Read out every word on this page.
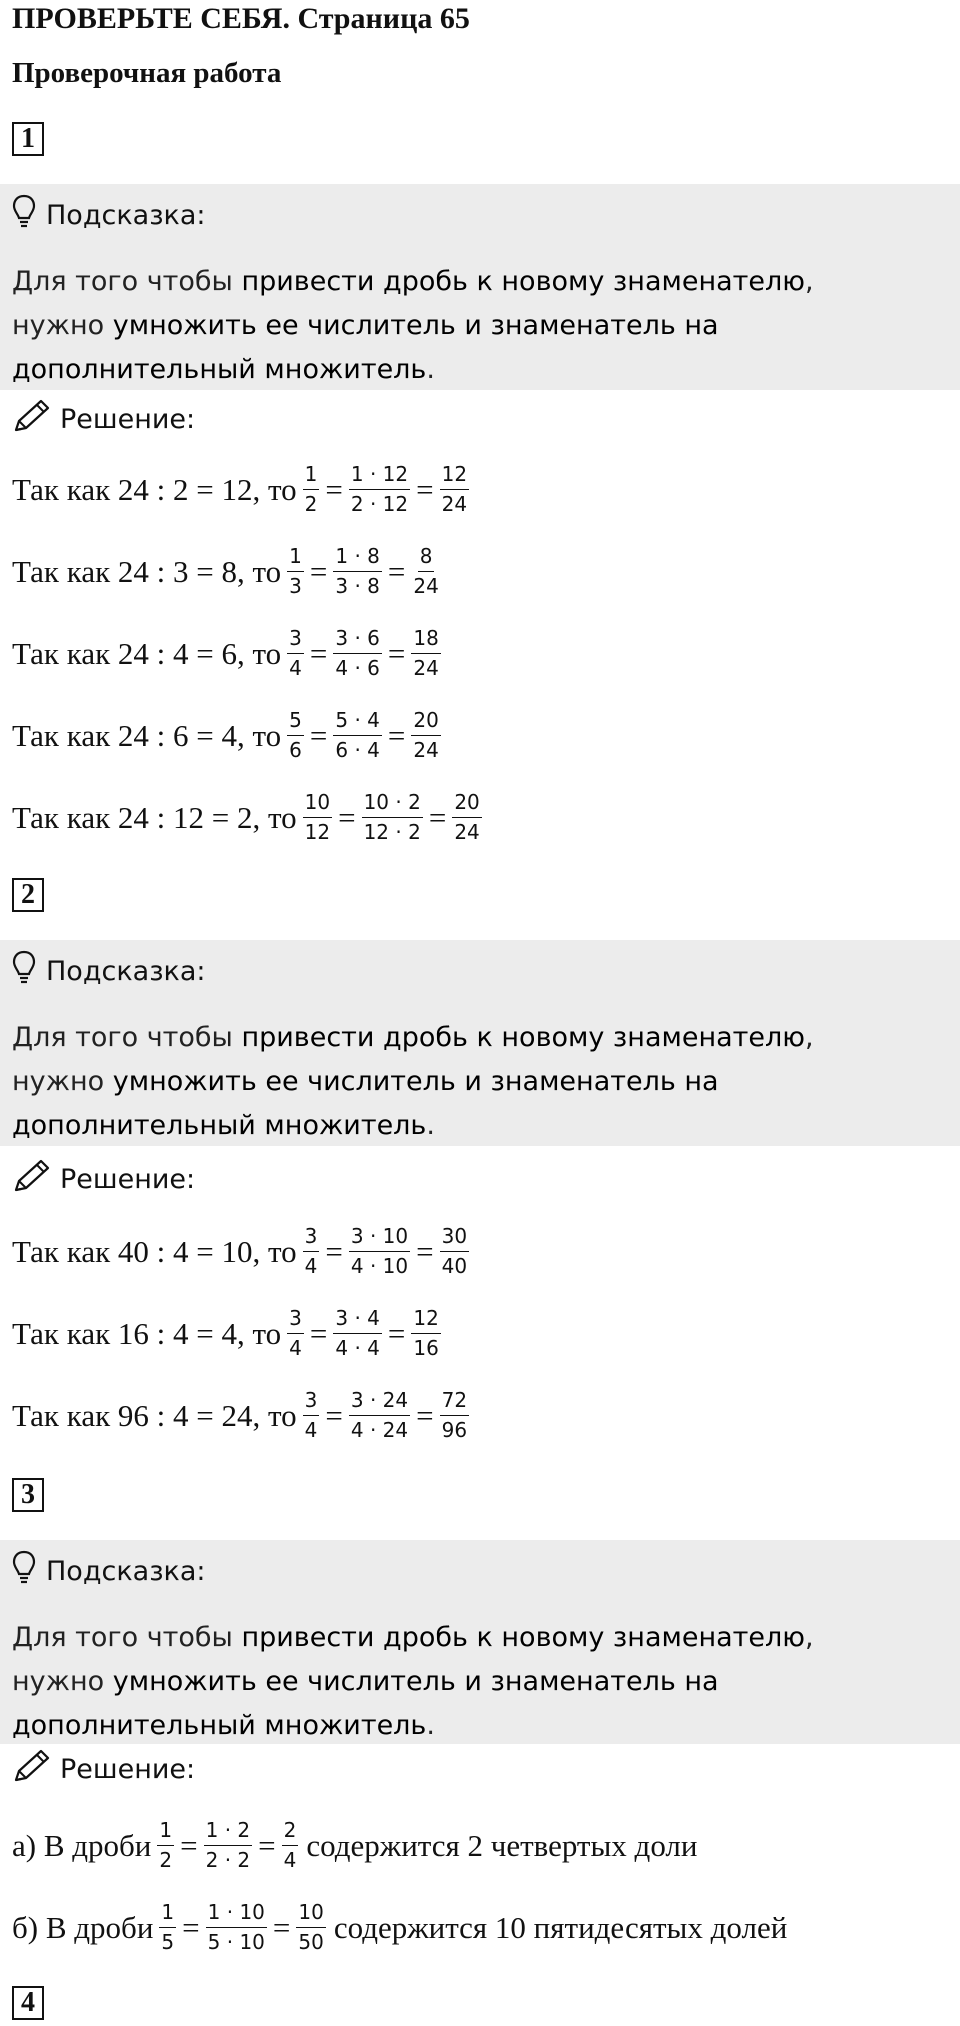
ПРОВЕРЬТЕ СЕБЯ. Страница 65
Проверочная работа
1
Подсказка:
Для того чтобы привести дробь к новому знаменателю,
нужно умножить ее числитель и знаменатель на
дополнительный множитель.
Решение:
Так как 24 : 2 = 12, то $\frac{1}{2} = \frac{1 \cdot 12}{2 \cdot 12} = \frac{12}{24}$
Так как 24 : 3 = 8, то $\frac{1}{3} = \frac{1 \cdot 8}{3 \cdot 8} = \frac{8}{24}$
Так как 24 : 4 = 6, то $\frac{3}{4} = \frac{3 \cdot 6}{4 \cdot 6} = \frac{18}{24}$
Так как 24 : 6 = 4, то $\frac{5}{6} = \frac{5 \cdot 4}{6 \cdot 4} = \frac{20}{24}$
Так как 24 : 12 = 2, то $\frac{10}{12} = \frac{10 \cdot 2}{12 \cdot 2} = \frac{20}{24}$
2
Подсказка:
Для того чтобы привести дробь к новому знаменателю,
нужно умножить ее числитель и знаменатель на
дополнительный множитель.
Решение:
Так как 40 : 4 = 10, то $\frac{3}{4} = \frac{3 \cdot 10}{4 \cdot 10} = \frac{30}{40}$
Так как 16 : 4 = 4, то $\frac{3}{4} = \frac{3 \cdot 4}{4 \cdot 4} = \frac{12}{16}$
Так как 96 : 4 = 24, то $\frac{3}{4} = \frac{3 \cdot 24}{4 \cdot 24} = \frac{72}{96}$
3
Подсказка:
Для того чтобы привести дробь к новому знаменателю,
нужно умножить ее числитель и знаменатель на
дополнительный множитель.
Решение:
а) В дроби $\frac{1}{2} = \frac{1 \cdot 2}{2 \cdot 2} = \frac{2}{4}$ содержится 2 четвертых доли
б) В дроби $\frac{1}{5} = \frac{1 \cdot 10}{5 \cdot 10} = \frac{10}{50}$ содержится 10 пятидесятых долей
4
